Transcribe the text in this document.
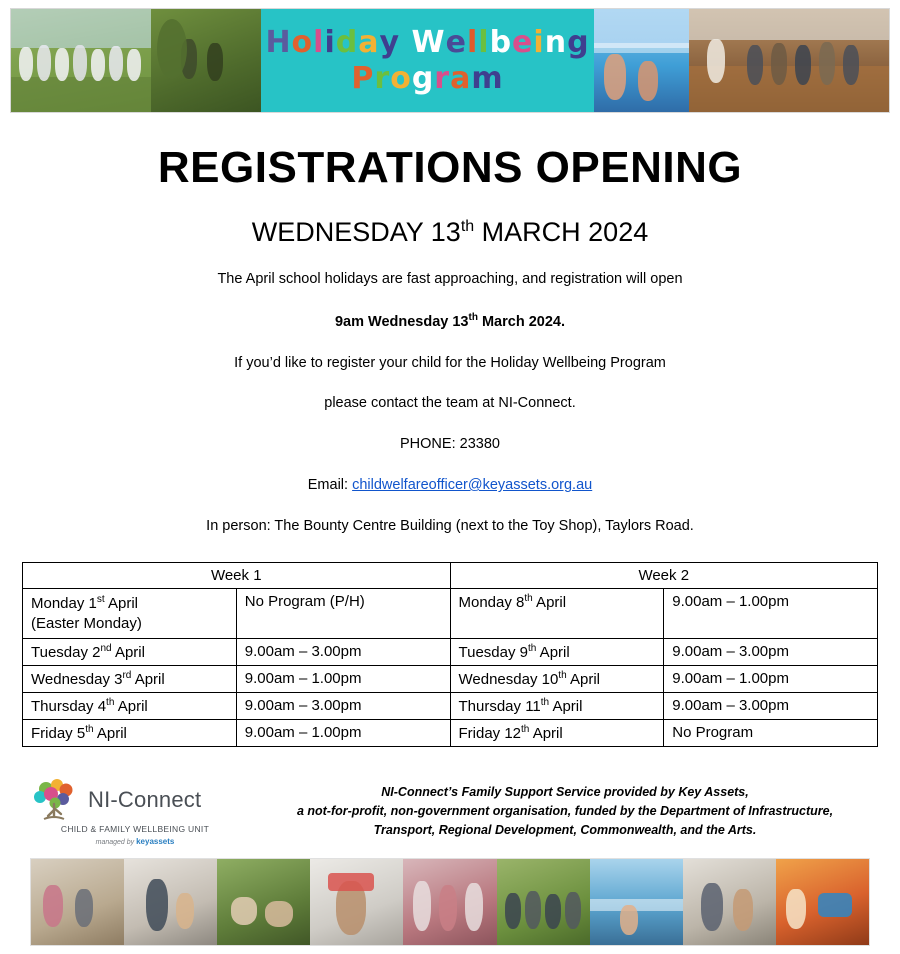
Holiday Wellbeing
Program
REGISTRATIONS OPENING
WEDNESDAY 13th MARCH 2024

The April school holidays are fast approaching, and registration will open

9am Wednesday 13th March 2024.

If you’d like to register your child for the Holiday Wellbeing Program

please contact the team at NI-Connect.

PHONE: 23380

Email: childwelfareofficer@keyassets.org.au

In person: The Bounty Centre Building (next to the Toy Shop), Taylors Road.

Week 1		Week 2	
Monday 1st April
(Easter Monday)	No Program (P/H)	Monday 8th April	9.00am – 1.00pm
Tuesday 2nd April	9.00am – 3.00pm	Tuesday 9th April	9.00am – 3.00pm
Wednesday 3rd April	9.00am – 1.00pm	Wednesday 10th April	9.00am – 1.00pm
Thursday 4th April	9.00am – 3.00pm	Thursday 11th April	9.00am – 3.00pm
Friday 5th April	9.00am – 1.00pm	Friday 12th April	No Program
NI-Connect
CHILD & FAMILY WELLBEING UNIT
managed by keyassets
NI-Connect’s Family Support Service provided by Key Assets,
a not-for-profit, non-government organisation, funded by the Department of Infrastructure,
Transport, Regional Development, Commonwealth, and the Arts.
